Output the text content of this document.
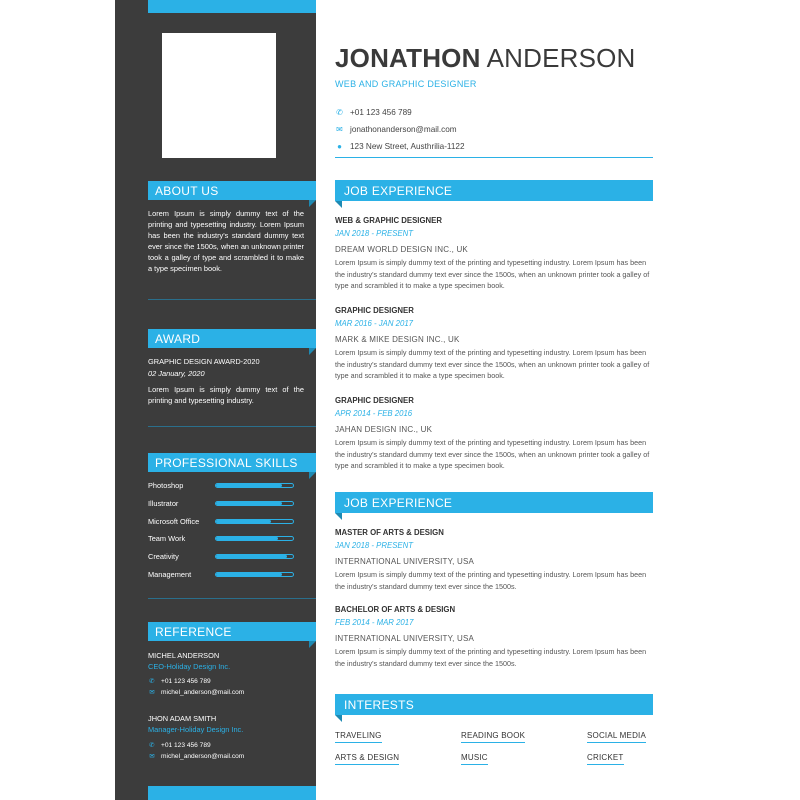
ABOUT US
Lorem Ipsum is simply dummy text of the printing and typesetting industry. Lorem Ipsum has been the industry's standard dummy text ever since the 1500s, when an unknown printer took a galley of type and scrambled it to make a type specimen book.
AWARD
GRAPHIC DESIGN AWARD-2020
02 January, 2020
Lorem Ipsum is simply dummy text of the printing and typesetting industry.
PROFESSIONAL SKILLS
Photoshop
Illustrator
Microsoft Office
Team Work
Creativity
Management
REFERENCE
MICHEL ANDERSON
CEO-Holiday Design Inc.
✆ +01 123 456 789
✉ michel_anderson@mail.com
JHON ADAM SMITH
Manager-Holiday Design Inc.
✆ +01 123 456 789
✉ michel_anderson@mail.com
JONATHON ANDERSON
WEB AND GRAPHIC DESIGNER
✆ +01 123 456 789
✉ jonathonanderson@mail.com
● 123 New Street, Austhrilia-1122
JOB EXPERIENCE
WEB & GRAPHIC DESIGNER
JAN 2018 - PRESENT
DREAM WORLD DESIGN INC., UK
Lorem Ipsum is simply dummy text of the printing and typesetting industry. Lorem Ipsum has been the industry's standard dummy text ever since the 1500s, when an unknown printer took a galley of type and scrambled it to make a type specimen book.
GRAPHIC DESIGNER
MAR 2016 - JAN 2017
MARK & MIKE DESIGN INC., UK
Lorem Ipsum is simply dummy text of the printing and typesetting industry. Lorem Ipsum has been the industry's standard dummy text ever since the 1500s, when an unknown printer took a galley of type and scrambled it to make a type specimen book.
GRAPHIC DESIGNER
APR 2014 - FEB 2016
JAHAN DESIGN INC., UK
Lorem Ipsum is simply dummy text of the printing and typesetting industry. Lorem Ipsum has been the industry's standard dummy text ever since the 1500s, when an unknown printer took a galley of type and scrambled it to make a type specimen book.
JOB EXPERIENCE
MASTER OF ARTS & DESIGN
JAN 2018 - PRESENT
INTERNATIONAL UNIVERSITY, USA
Lorem Ipsum is simply dummy text of the printing and typesetting industry. Lorem Ipsum has been the industry's standard dummy text ever since the 1500s.
BACHELOR OF ARTS & DESIGN
FEB 2014 - MAR 2017
INTERNATIONAL UNIVERSITY, USA
Lorem Ipsum is simply dummy text of the printing and typesetting industry. Lorem Ipsum has been the industry's standard dummy text ever since the 1500s.
INTERESTS
TRAVELING	READING BOOK	SOCIAL MEDIA
ARTS & DESIGN	MUSIC	CRICKET
